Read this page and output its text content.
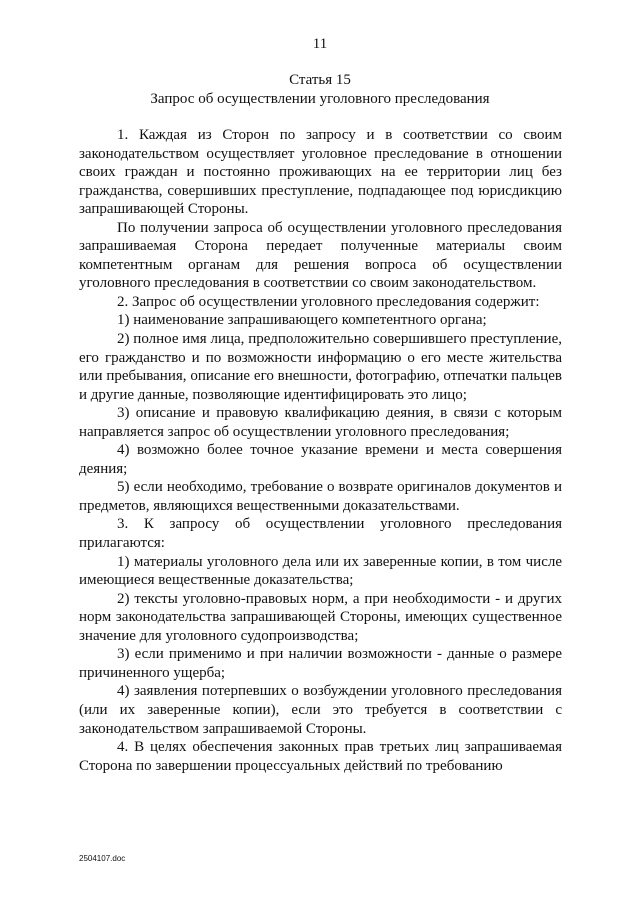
11
Статья 15
Запрос об осуществлении уголовного преследования

1. Каждая из Сторон по запросу и в соответствии со своим законодательством осуществляет уголовное преследование в отношении своих граждан и постоянно проживающих на ее территории лиц без гражданства, совершивших преступление, подпадающее под юрисдикцию запрашивающей Стороны.

По получении запроса об осуществлении уголовного преследования запрашиваемая Сторона передает полученные материалы своим компетентным органам для решения вопроса об осуществлении уголовного преследования в соответствии со своим законодательством.

2. Запрос об осуществлении уголовного преследования содержит:

1) наименование запрашивающего компетентного органа;

2) полное имя лица, предположительно совершившего преступление, его гражданство и по возможности информацию о его месте жительства или пребывания, описание его внешности, фотографию, отпечатки пальцев и другие данные, позволяющие идентифицировать это лицо;

3) описание и правовую квалификацию деяния, в связи с которым направляется запрос об осуществлении уголовного преследования;

4) возможно более точное указание времени и места совершения деяния;

5) если необходимо, требование о возврате оригиналов документов и предметов, являющихся вещественными доказательствами.

3. К запросу об осуществлении уголовного преследования прилагаются:

1) материалы уголовного дела или их заверенные копии, в том числе имеющиеся вещественные доказательства;

2) тексты уголовно-правовых норм, а при необходимости - и других норм законодательства запрашивающей Стороны, имеющих существенное значение для уголовного судопроизводства;

3) если применимо и при наличии возможности - данные о размере причиненного ущерба;

4) заявления потерпевших о возбуждении уголовного преследования (или их заверенные копии), если это требуется в соответствии с законодательством запрашиваемой Стороны.

4. В целях обеспечения законных прав третьих лиц запрашиваемая Сторона по завершении процессуальных действий по требованию

2504107.doc
